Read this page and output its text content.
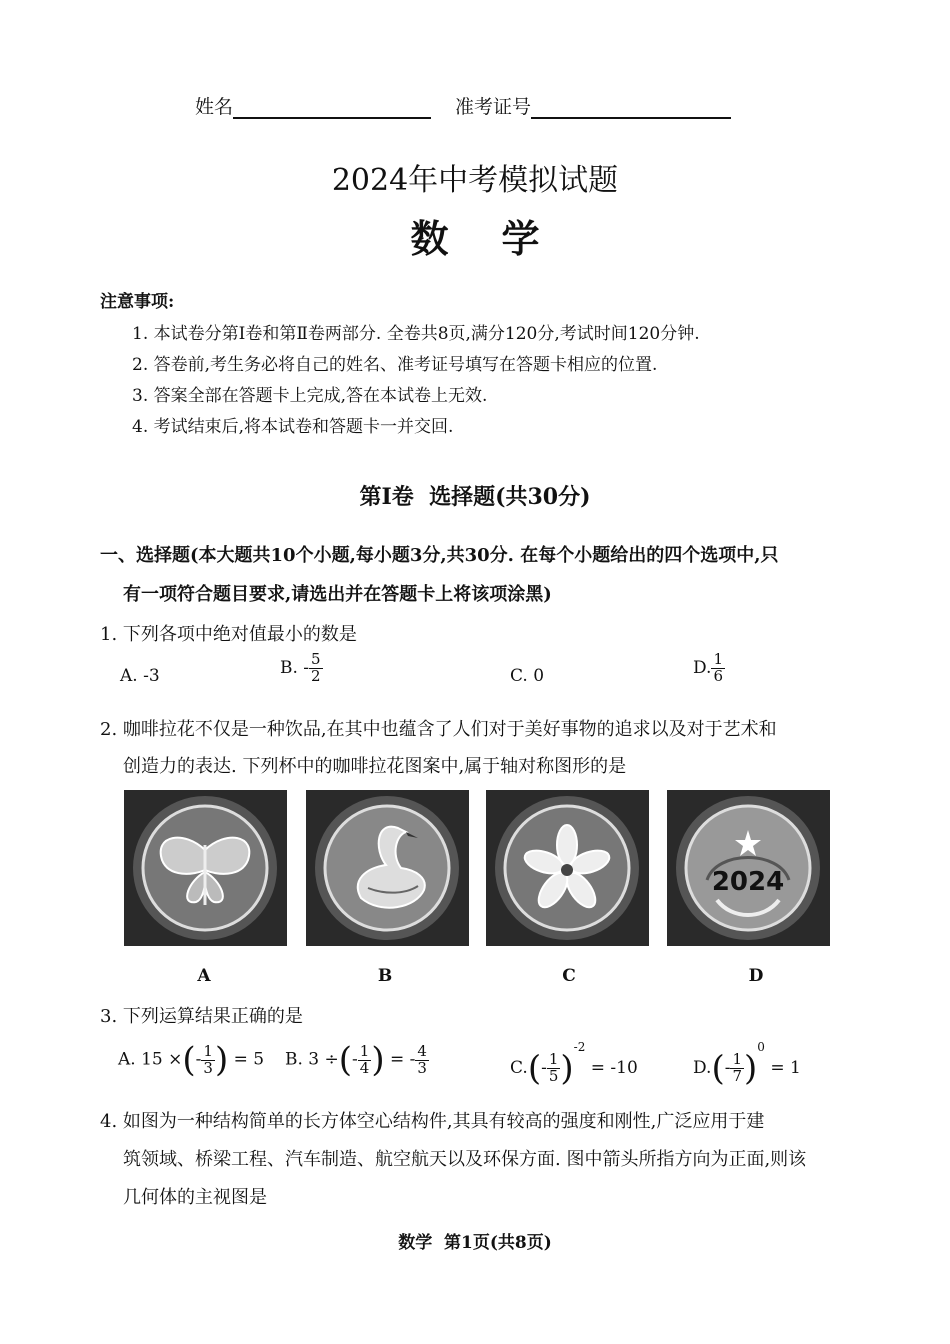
姓名	准考证号
2024年中考模拟试题
数    学
注意事项:
1. 本试卷分第Ⅰ卷和第Ⅱ卷两部分. 全卷共8页,满分120分,考试时间120分钟.
2. 答卷前,考生务必将自己的姓名、准考证号填写在答题卡相应的位置.
3. 答案全部在答题卡上完成,答在本试卷上无效.
4. 考试结束后,将本试卷和答题卡一并交回.
第Ⅰ卷  选择题(共30分)
一、选择题(本大题共10个小题,每小题3分,共30分. 在每个小题给出的四个选项中,只
有一项符合题目要求,请选出并在答题卡上将该项涂黑)
1. 下列各项中绝对值最小的数是
A. -3	B. - $\frac{5}{2}$	C. 0	D. $\frac{1}{6}$
2. 咖啡拉花不仅是一种饮品,在其中也蕴含了人们对于美好事物的追求以及对于艺术和
创造力的表达. 下列杯中的咖啡拉花图案中,属于轴对称图形的是
2024
A	B	C	D
3. 下列运算结果正确的是
A. 15 ×(- $\frac{1}{3}$ ) = 5 B. 3 ÷(- $\frac{1}{4}$ ) = - $\frac{4}{3}$	$C.(- \frac{1}{5} )^{-2} = -10$	$D.(- \frac{1}{7} )^0 = 1$
4. 如图为一种结构简单的长方体空心结构件,其具有较高的强度和刚性,广泛应用于建
筑领域、桥梁工程、汽车制造、航空航天以及环保方面. 图中箭头所指方向为正面,则该
几何体的主视图是
数学  第1页(共8页)
